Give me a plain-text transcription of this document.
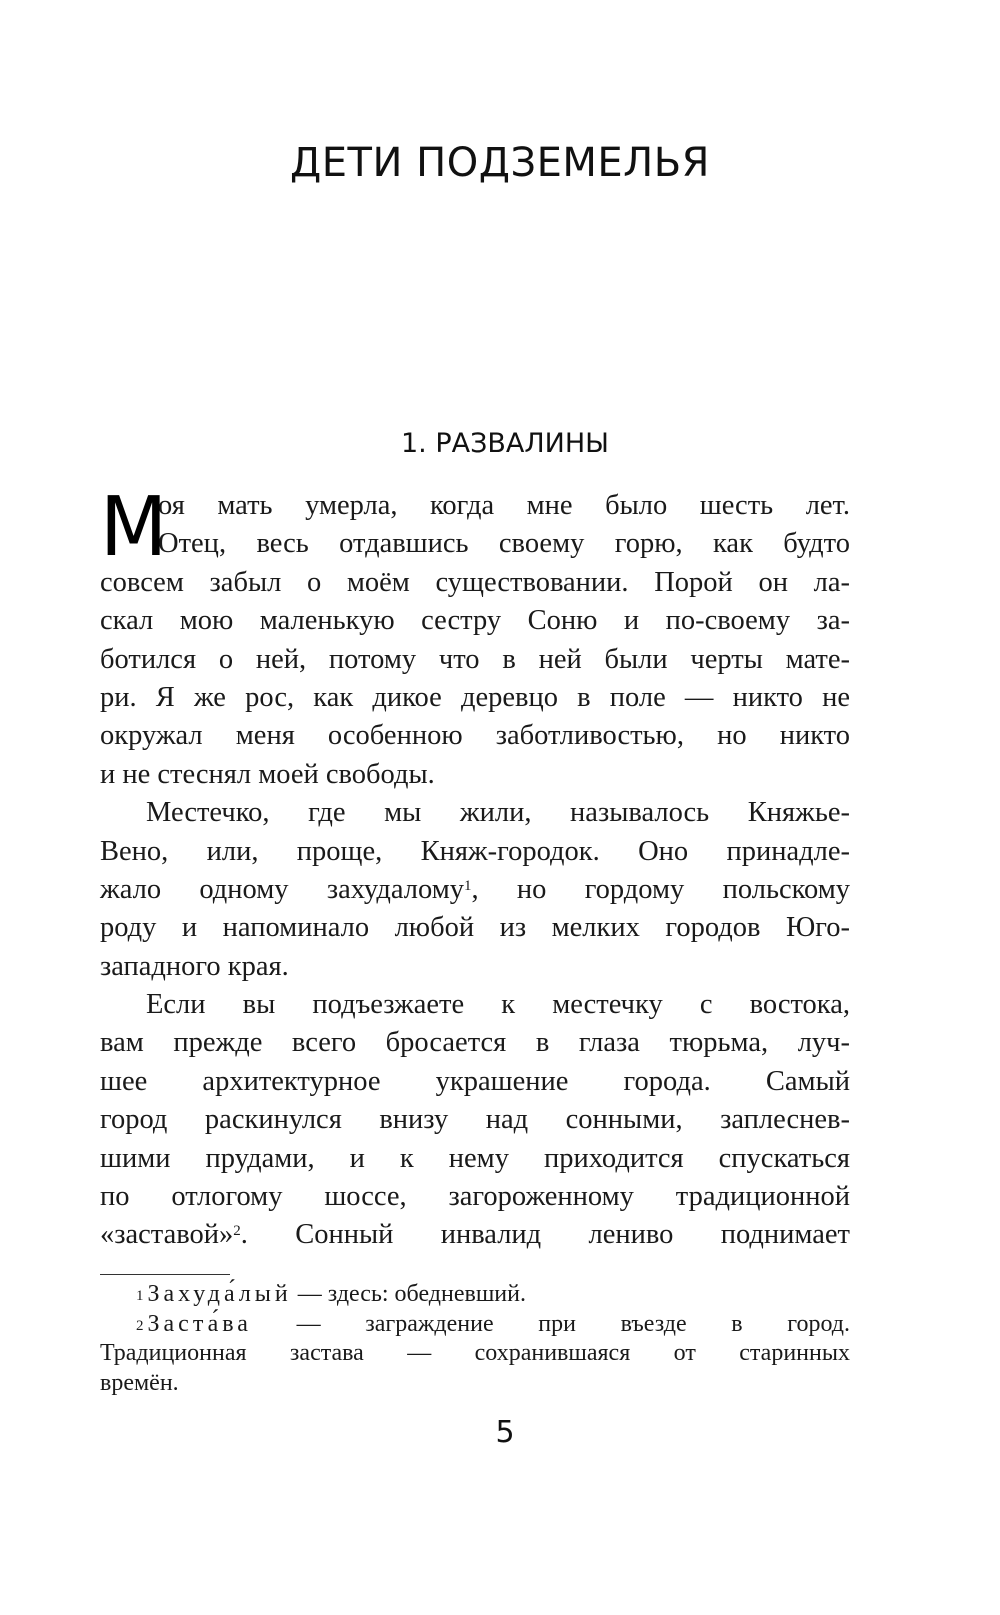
ДЕТИ ПОДЗЕМЕЛЬЯ
1. РАЗВАЛИНЫ
М
оя мать умерла, когда мне было шесть лет.
Отец, весь отдавшись своему горю, как будто
совсем забыл о моём существовании. Порой он ла-
скал мою маленькую сестру Соню и по-своему за-
ботился о ней, потому что в ней были черты мате-
ри. Я же рос, как дикое деревцо в поле — никто не
окружал меня особенною заботливостью, но никто
и не стеснял моей свободы.
Местечко, где мы жили, называлось Княжье-
Вено, или, проще, Княж-городок. Оно принадле-
жало одному захудалому$^1$, но гордому польскому
роду и напоминало любой из мелких городов Юго-
западного края.
Если вы подъезжаете к местечку с востока,
вам прежде всего бросается в глаза тюрьма, луч-
шее архитектурное украшение города. Самый
город раскинулся внизу над сонными, заплеснев-
шими прудами, и к нему приходится спускаться
по отлогому шоссе, загороженному традиционной
«заставой»$^2$. Сонный инвалид лениво поднимает
$^1$ Захуда́лый — здесь: обедневший.
$^2$ Заста́ва — заграждение при въезде в город.
Традиционная застава — сохранившаяся от старинных
времён.
5
